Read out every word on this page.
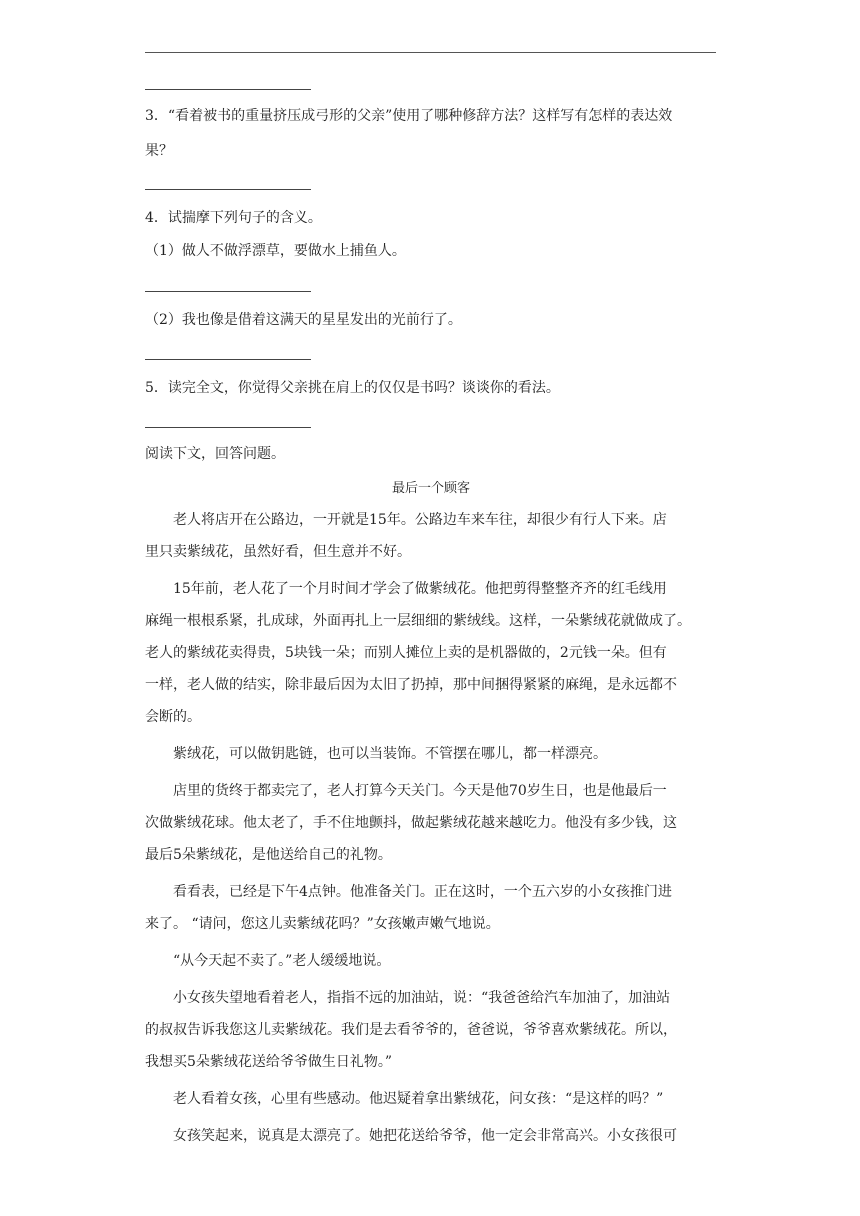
3．“看着被书的重量挤压成弓形的父亲”使用了哪种修辞方法？这样写有怎样的表达效
果？
4．试揣摩下列句子的含义。
（1）做人不做浮漂草，要做水上捕鱼人。
（2）我也像是借着这满天的星星发出的光前行了。
5．读完全文，你觉得父亲挑在肩上的仅仅是书吗？谈谈你的看法。
阅读下文，回答问题。
最后一个顾客
老人将店开在公路边，一开就是15年。公路边车来车往，却很少有行人下来。店
里只卖紫绒花，虽然好看，但生意并不好。
15年前，老人花了一个月时间才学会了做紫绒花。他把剪得整整齐齐的红毛线用
麻绳一根根系紧，扎成球，外面再扎上一层细细的紫绒线。这样，一朵紫绒花就做成了。
老人的紫绒花卖得贵，5块钱一朵；而别人摊位上卖的是机器做的，2元钱一朵。但有
一样，老人做的结实，除非最后因为太旧了扔掉，那中间捆得紧紧的麻绳，是永远都不
会断的。
紫绒花，可以做钥匙链，也可以当装饰。不管摆在哪儿，都一样漂亮。
店里的货终于都卖完了，老人打算今天关门。今天是他70岁生日，也是他最后一
次做紫绒花球。他太老了，手不住地颤抖，做起紫绒花越来越吃力。他没有多少钱，这
最后5朵紫绒花，是他送给自己的礼物。
看看表，已经是下午4点钟。他准备关门。正在这时，一个五六岁的小女孩推门进
来了。 “请问，您这儿卖紫绒花吗？”女孩嫩声嫩气地说。
“从今天起不卖了。”老人缓缓地说。
小女孩失望地看着老人，指指不远的加油站，说：“我爸爸给汽车加油了，加油站
的叔叔告诉我您这儿卖紫绒花。我们是去看爷爷的，爸爸说，爷爷喜欢紫绒花。所以，
我想买5朵紫绒花送给爷爷做生日礼物。”
老人看着女孩，心里有些感动。他迟疑着拿出紫绒花，问女孩：“是这样的吗？”
女孩笑起来，说真是太漂亮了。她把花送给爷爷，他一定会非常高兴。小女孩很可
